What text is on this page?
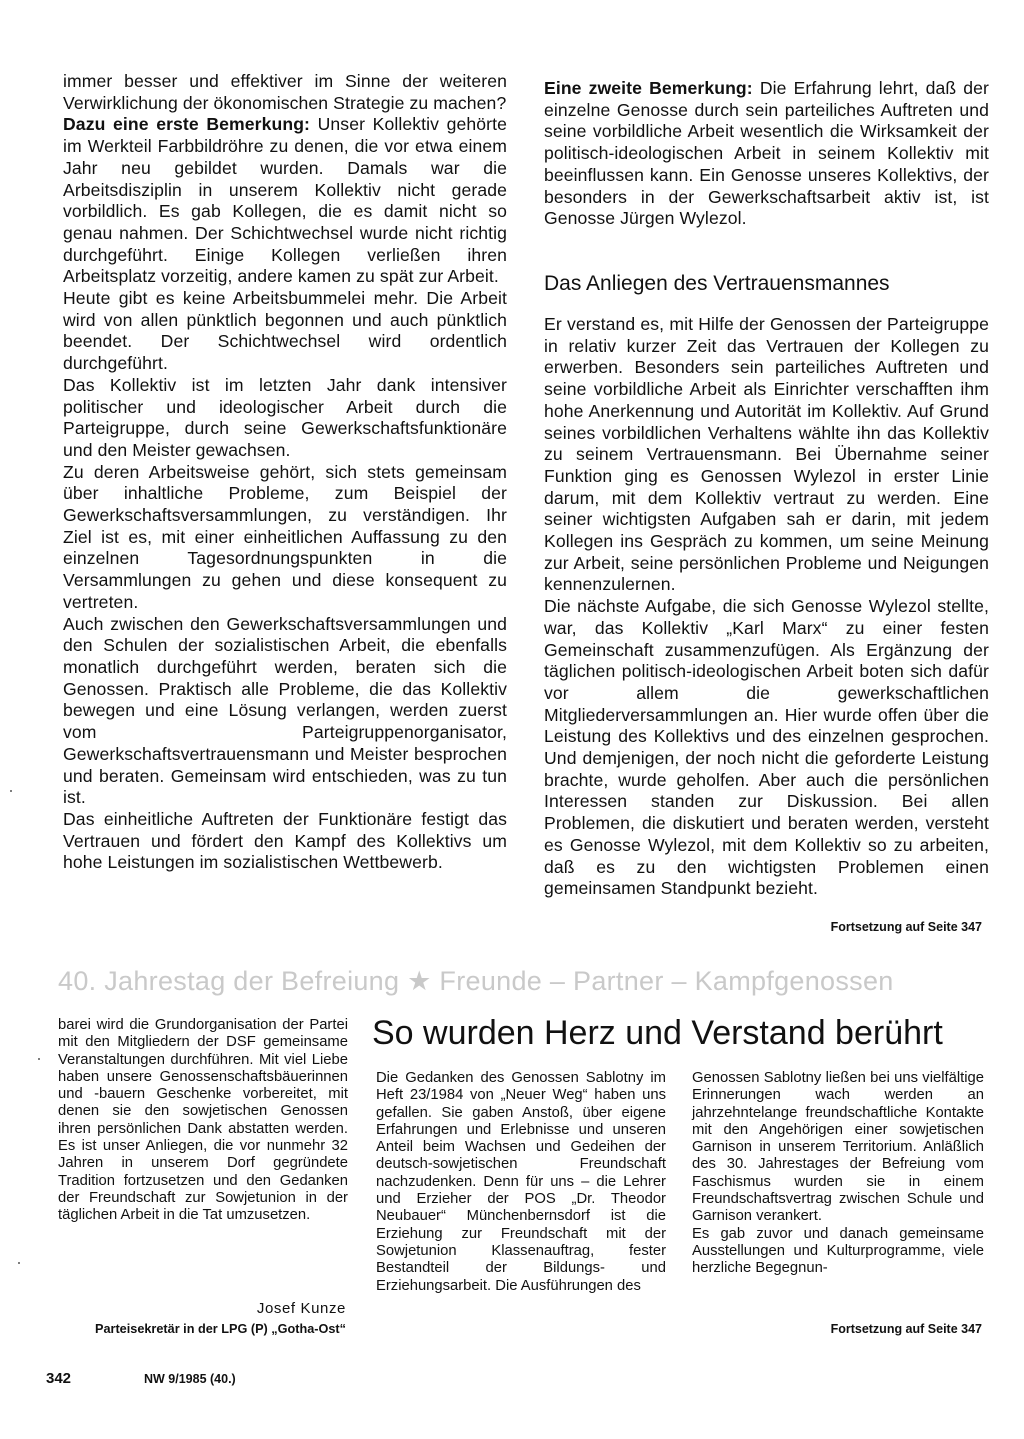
immer besser und effektiver im Sinne der weiteren Verwirklichung der ökonomischen Strategie zu machen?

Dazu eine erste Bemerkung: Unser Kollektiv gehörte im Werkteil Farbbildröhre zu denen, die vor etwa einem Jahr neu gebildet wurden. Damals war die Arbeitsdisziplin in unserem Kollektiv nicht gerade vorbildlich. Es gab Kollegen, die es damit nicht so genau nahmen. Der Schichtwechsel wurde nicht richtig durchgeführt. Einige Kollegen verließen ihren Arbeitsplatz vorzeitig, andere kamen zu spät zur Arbeit.

Heute gibt es keine Arbeitsbummelei mehr. Die Arbeit wird von allen pünktlich begonnen und auch pünktlich beendet. Der Schichtwechsel wird ordentlich durchgeführt.

Das Kollektiv ist im letzten Jahr dank intensiver politischer und ideologischer Arbeit durch die Parteigruppe, durch seine Gewerkschaftsfunktionäre und den Meister gewachsen.

Zu deren Arbeitsweise gehört, sich stets gemeinsam über inhaltliche Probleme, zum Beispiel der Gewerkschaftsversammlungen, zu verständigen. Ihr Ziel ist es, mit einer einheitlichen Auffassung zu den einzelnen Tagesordnungspunkten in die Versammlungen zu gehen und diese konsequent zu vertreten.

Auch zwischen den Gewerkschaftsversammlungen und den Schulen der sozialistischen Arbeit, die ebenfalls monatlich durchgeführt werden, beraten sich die Genossen. Praktisch alle Probleme, die das Kollektiv bewegen und eine Lösung verlangen, werden zuerst vom Parteigruppenorganisator, Gewerkschaftsvertrauensmann und Meister besprochen und beraten. Gemeinsam wird entschieden, was zu tun ist.

Das einheitliche Auftreten der Funktionäre festigt das Vertrauen und fördert den Kampf des Kollektivs um hohe Leistungen im sozialistischen Wettbewerb.

Eine zweite Bemerkung: Die Erfahrung lehrt, daß der einzelne Genosse durch sein parteiliches Auftreten und seine vorbildliche Arbeit wesentlich die Wirksamkeit der politisch-ideologischen Arbeit in seinem Kollektiv mit beeinflussen kann. Ein Genosse unseres Kollektivs, der besonders in der Gewerkschaftsarbeit aktiv ist, ist Genosse Jürgen Wylezol.

Das Anliegen des Vertrauensmannes

Er verstand es, mit Hilfe der Genossen der Parteigruppe in relativ kurzer Zeit das Vertrauen der Kollegen zu erwerben. Besonders sein parteiliches Auftreten und seine vorbildliche Arbeit als Einrichter verschafften ihm hohe Anerkennung und Autorität im Kollektiv. Auf Grund seines vorbildlichen Verhaltens wählte ihn das Kollektiv zu seinem Vertrauensmann. Bei Übernahme seiner Funktion ging es Genossen Wylezol in erster Linie darum, mit dem Kollektiv vertraut zu werden. Eine seiner wichtigsten Aufgaben sah er darin, mit jedem Kollegen ins Gespräch zu kommen, um seine Meinung zur Arbeit, seine persönlichen Probleme und Neigungen kennenzulernen.

Die nächste Aufgabe, die sich Genosse Wylezol stellte, war, das Kollektiv „Karl Marx“ zu einer festen Gemeinschaft zusammenzufügen. Als Ergänzung der täglichen politisch-ideologischen Arbeit boten sich dafür vor allem die gewerkschaftlichen Mitgliederversammlungen an. Hier wurde offen über die Leistung des Kollektivs und des einzelnen gesprochen. Und demjenigen, der noch nicht die geforderte Leistung brachte, wurde geholfen. Aber auch die persönlichen Interessen standen zur Diskussion. Bei allen Problemen, die diskutiert und beraten werden, versteht es Genosse Wylezol, mit dem Kollektiv so zu arbeiten, daß es zu den wichtigsten Problemen einen gemeinsamen Standpunkt bezieht.

Fortsetzung auf Seite 347
40. Jahrestag der Befreiung ★ Freunde – Partner – Kampfgenossen

barei wird die Grundorganisation der Partei mit den Mitgliedern der DSF gemeinsame Veranstaltungen durchführen. Mit viel Liebe haben unsere Genossenschaftsbäuerinnen und -bauern Geschenke vorbereitet, mit denen sie den sowjetischen Genossen ihren persönlichen Dank abstatten werden. Es ist unser Anliegen, die vor nunmehr 32 Jahren in unserem Dorf gegründete Tradition fortzusetzen und den Gedanken der Freundschaft zur Sowjetunion in der täglichen Arbeit in die Tat umzusetzen.

Josef Kunze
Parteisekretär in der LPG (P) „Gotha-Ost“
So wurden Herz und Verstand berührt

Die Gedanken des Genossen Sablotny im Heft 23/1984 von „Neuer Weg“ haben uns gefallen. Sie gaben Anstoß, über eigene Erfahrungen und Erlebnisse und unseren Anteil beim Wachsen und Gedeihen der deutsch-sowjetischen Freundschaft nachzudenken. Denn für uns – die Lehrer und Erzieher der POS „Dr. Theodor Neubauer“ Münchenbernsdorf ist die Erziehung zur Freundschaft mit der Sowjetunion Klassenauftrag, fester Bestandteil der Bildungs- und Erziehungsarbeit. Die Ausführungen des

Genossen Sablotny ließen bei uns vielfältige Erinnerungen wach werden an jahrzehntelange freundschaftliche Kontakte mit den Angehörigen einer sowjetischen Garnison in unserem Territorium. Anläßlich des 30. Jahrestages der Befreiung vom Faschismus wurden sie in einem Freundschaftsvertrag zwischen Schule und Garnison verankert.

Es gab zuvor und danach gemeinsame Ausstellungen und Kulturprogramme, viele herzliche Begegnun-

Fortsetzung auf Seite 347
342	NW 9/1985 (40.)
